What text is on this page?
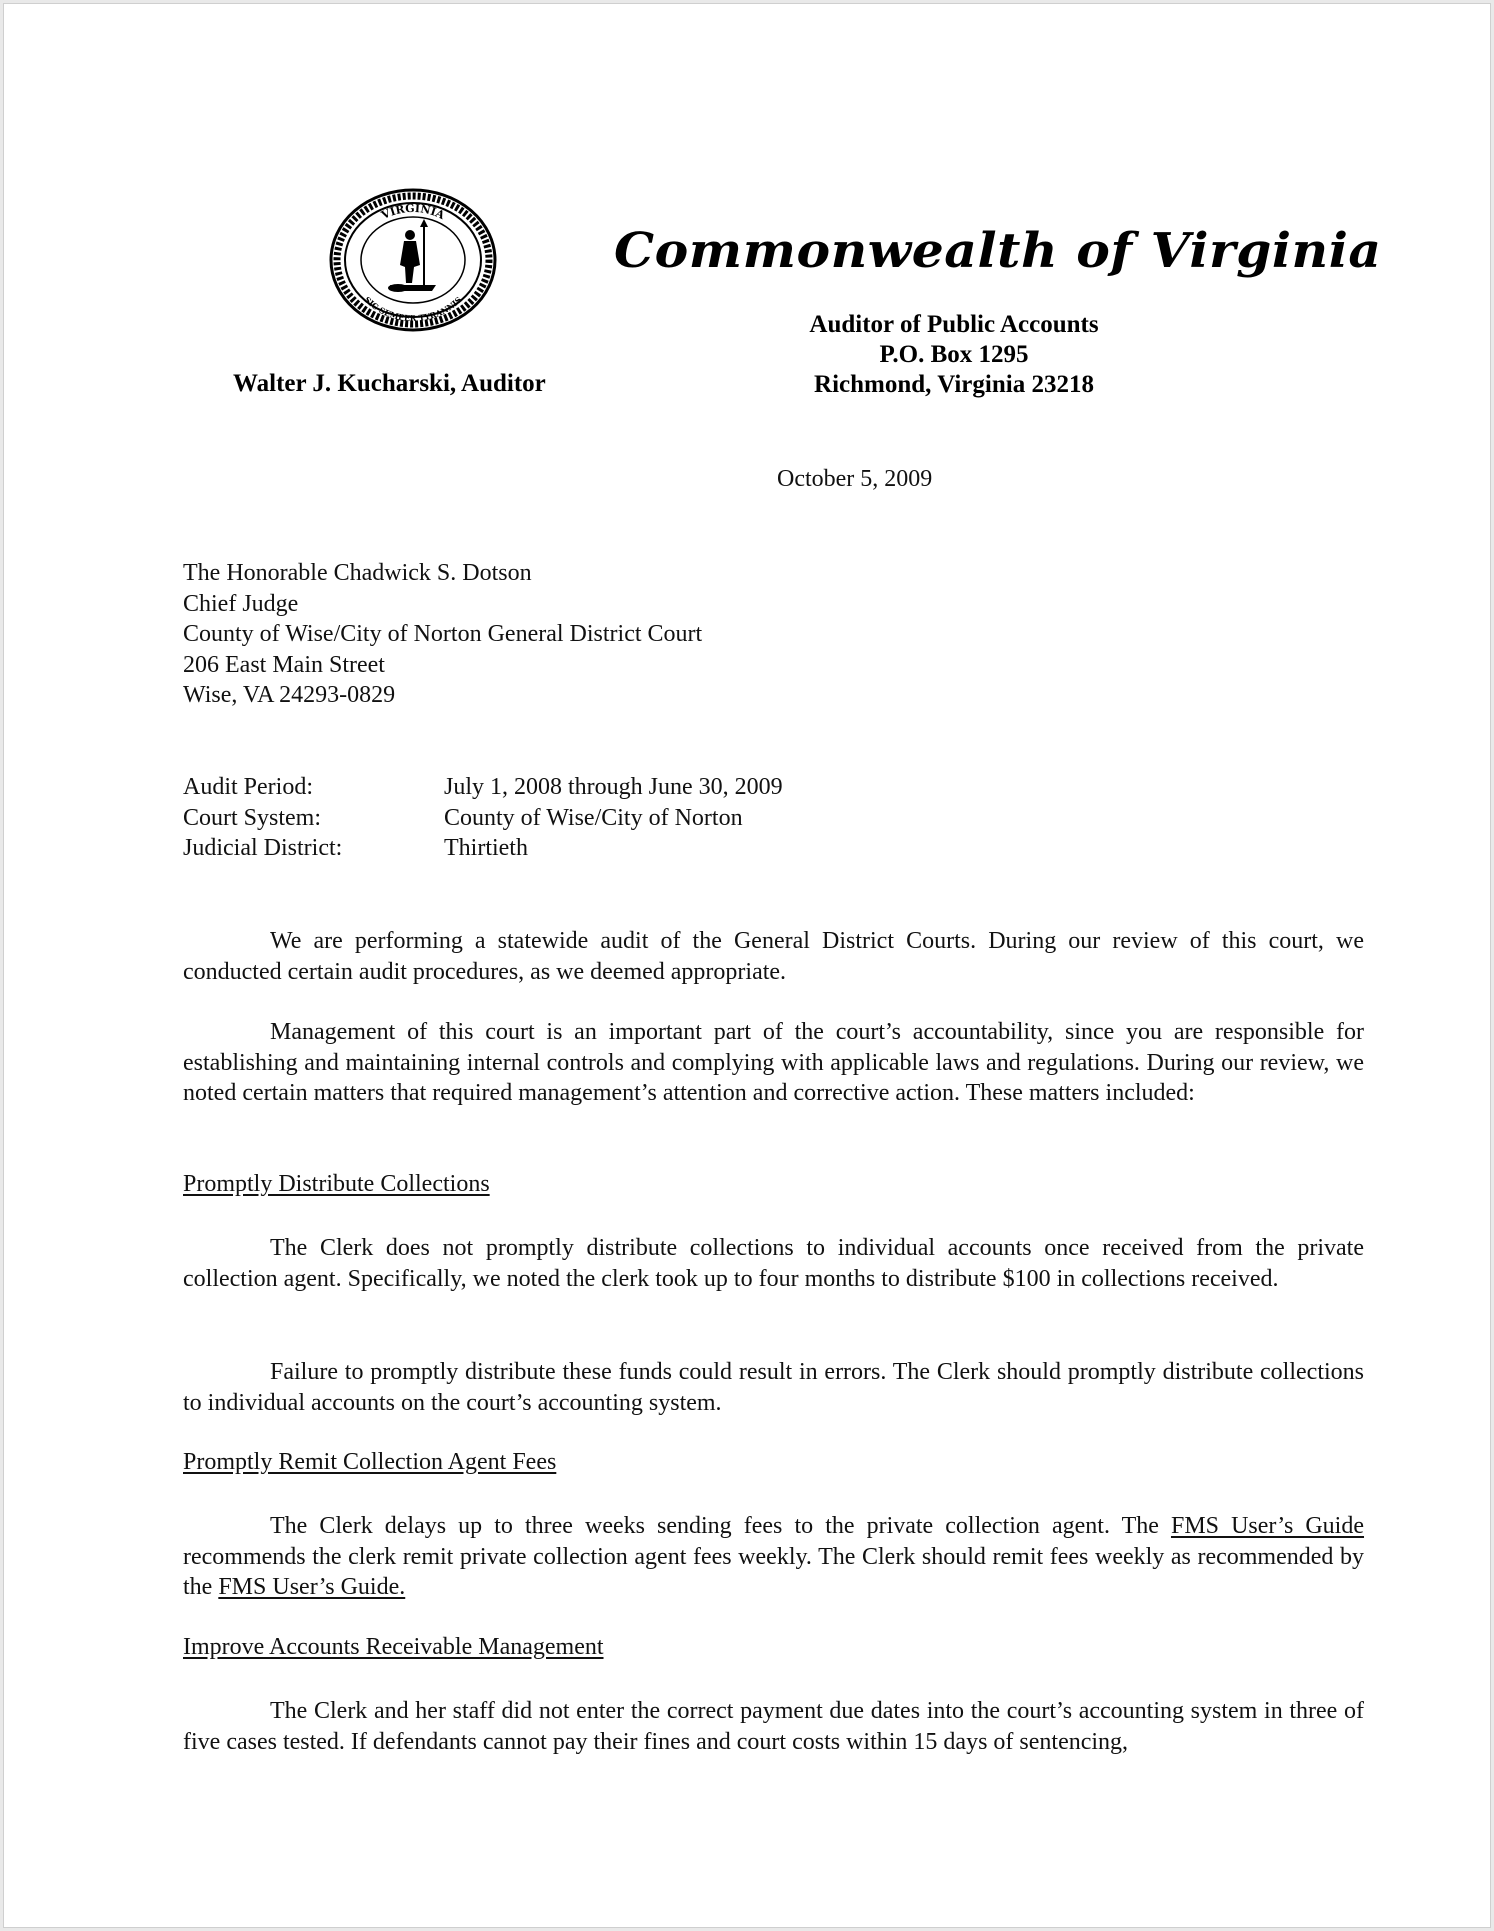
VIRGINIA
SIC SEMPER TYRANNIS
Commonwealth of Virginia
Walter J. Kucharski, Auditor
Auditor of Public Accounts
P.O. Box 1295
Richmond, Virginia 23218
October 5, 2009
The Honorable Chadwick S. Dotson
Chief Judge
County of Wise/City of Norton General District Court
206 East Main Street
Wise, VA 24293-0829
Audit Period:	July 1, 2008 through June 30, 2009
Court System:	County of Wise/City of Norton
Judicial District:	Thirtieth
We are performing a statewide audit of the General District Courts. During our review of this court, we conducted certain audit procedures, as we deemed appropriate.
Management of this court is an important part of the court’s accountability, since you are responsible for establishing and maintaining internal controls and complying with applicable laws and regulations. During our review, we noted certain matters that required management’s attention and corrective action. These matters included:
Promptly Distribute Collections
The Clerk does not promptly distribute collections to individual accounts once received from the private collection agent. Specifically, we noted the clerk took up to four months to distribute $100 in collections received.
Failure to promptly distribute these funds could result in errors. The Clerk should promptly distribute collections to individual accounts on the court’s accounting system.
Promptly Remit Collection Agent Fees
The Clerk delays up to three weeks sending fees to the private collection agent. The FMS User’s Guide recommends the clerk remit private collection agent fees weekly. The Clerk should remit fees weekly as recommended by the FMS User’s Guide.
Improve Accounts Receivable Management
The Clerk and her staff did not enter the correct payment due dates into the court’s accounting system in three of five cases tested. If defendants cannot pay their fines and court costs within 15 days of sentencing,
